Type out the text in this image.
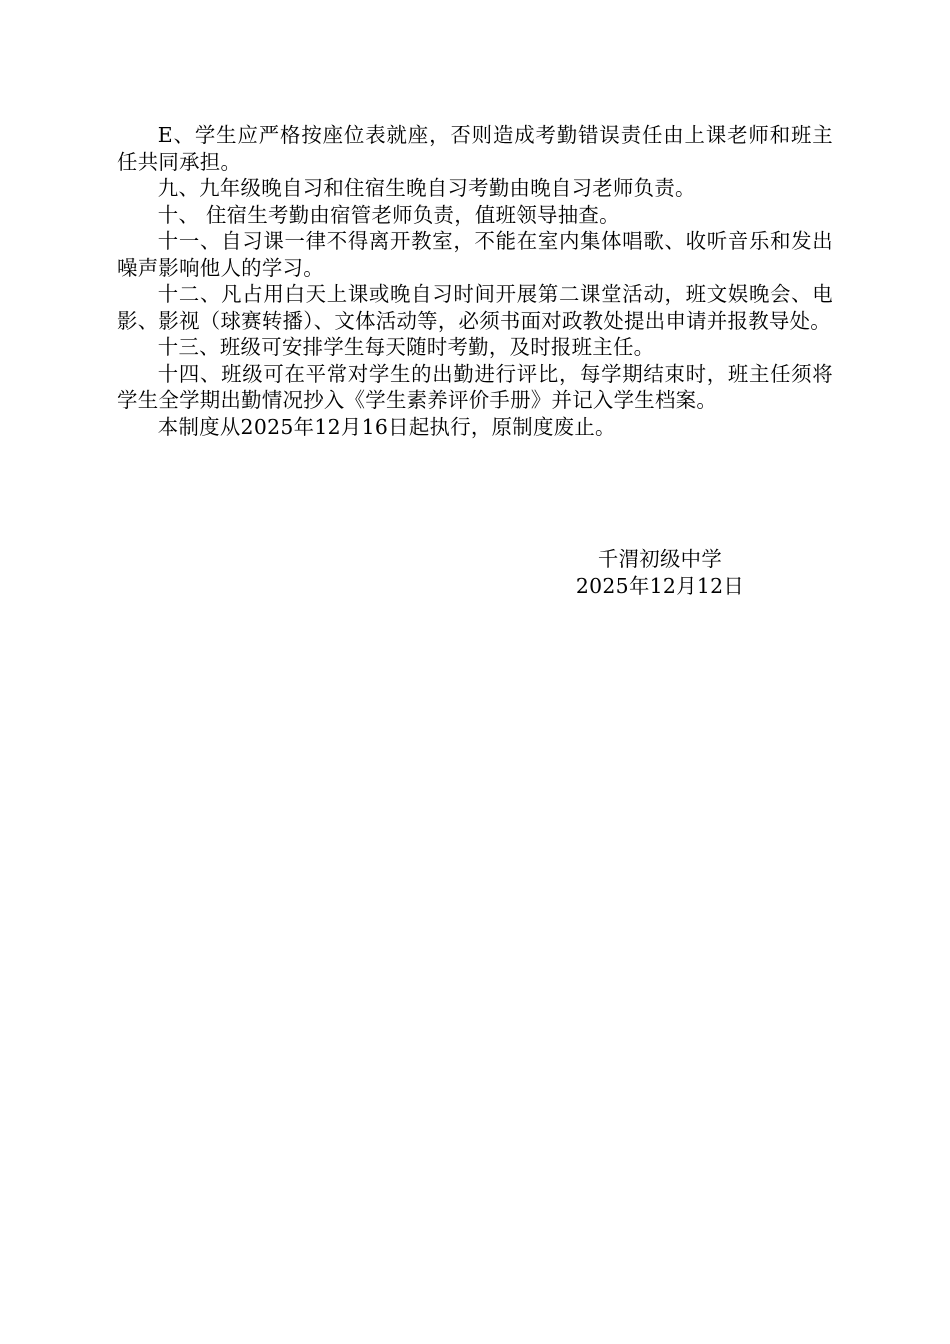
E、学生应严格按座位表就座，否则造成考勤错误责任由上课老师和班主任共同承担。

九、九年级晚自习和住宿生晚自习考勤由晚自习老师负责。

十、 住宿生考勤由宿管老师负责，值班领导抽查。

十一、自习课一律不得离开教室，不能在室内集体唱歌、收听音乐和发出噪声影响他人的学习。

十二、凡占用白天上课或晚自习时间开展第二课堂活动，班文娱晚会、电影、影视（球赛转播）、文体活动等，必须书面对政教处提出申请并报教导处。

十三、班级可安排学生每天随时考勤，及时报班主任。

十四、班级可在平常对学生的出勤进行评比，每学期结束时，班主任须将学生全学期出勤情况抄入《学生素养评价手册》并记入学生档案。

本制度从2025年12月16日起执行，原制度废止。

千渭初级中学
2025年12月12日
